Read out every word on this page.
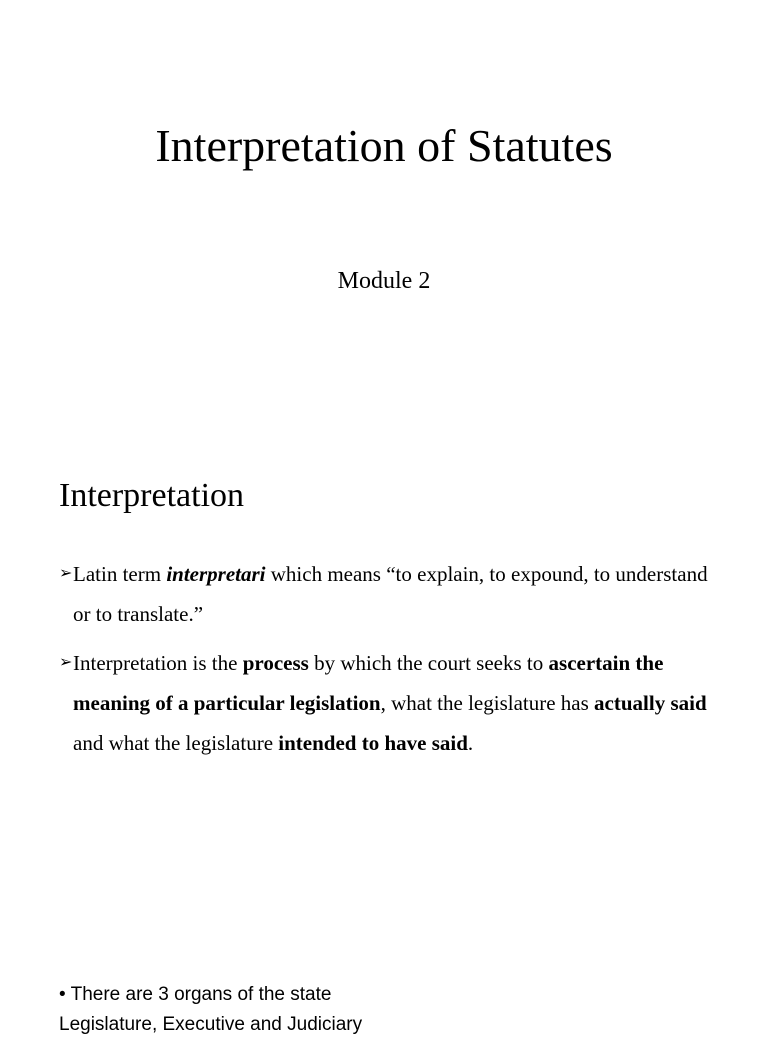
Interpretation of Statutes
Module 2
Interpretation
➢ Latin term interpretari which means “to explain, to expound, to understand or to translate.”
➢ Interpretation is the process by which the court seeks to ascertain the meaning of a particular legislation, what the legislature has actually said and what the legislature intended to have said.
• There are 3 organs of the state
Legislature, Executive and Judiciary
